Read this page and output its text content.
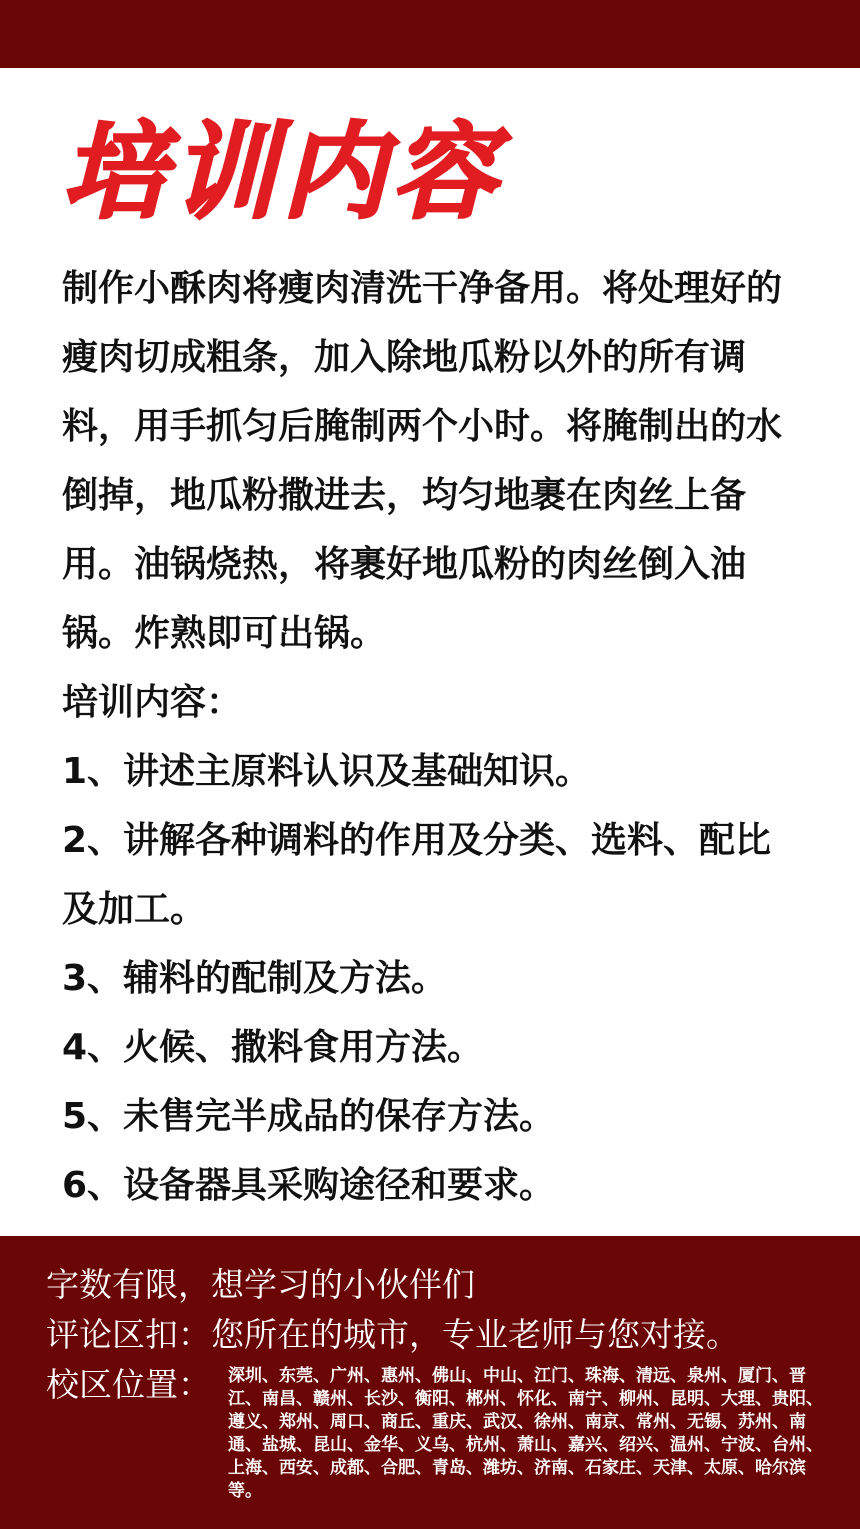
培训内容

制作小酥肉将瘦肉清洗干净备用。将处理好的瘦肉切成粗条，加入除地瓜粉以外的所有调料，用手抓匀后腌制两个小时。将腌制出的水倒掉，地瓜粉撒进去，均匀地裹在肉丝上备用。油锅烧热，将裹好地瓜粉的肉丝倒入油锅。炸熟即可出锅。

培训内容：

1、讲述主原料认识及基础知识。

2、讲解各种调料的作用及分类、选料、配比及加工。

3、辅料的配制及方法。

4、火候、撒料食用方法。

5、未售完半成品的保存方法。

6、设备器具采购途径和要求。

字数有限，想学习的小伙伴们
评论区扣：您所在的城市，专业老师与您对接。
校区位置： 深圳、东莞、广州、惠州、佛山、中山、江门、珠海、清远、泉州、厦门、晋江、南昌、赣州、长沙、衡阳、郴州、怀化、南宁、柳州、昆明、大理、贵阳、遵义、郑州、周口、商丘、重庆、武汉、徐州、南京、常州、无锡、苏州、南通、盐城、昆山、金华、义乌、杭州、萧山、嘉兴、绍兴、温州、宁波、台州、上海、西安、成都、合肥、青岛、潍坊、济南、石家庄、天津、太原、哈尔滨等。
